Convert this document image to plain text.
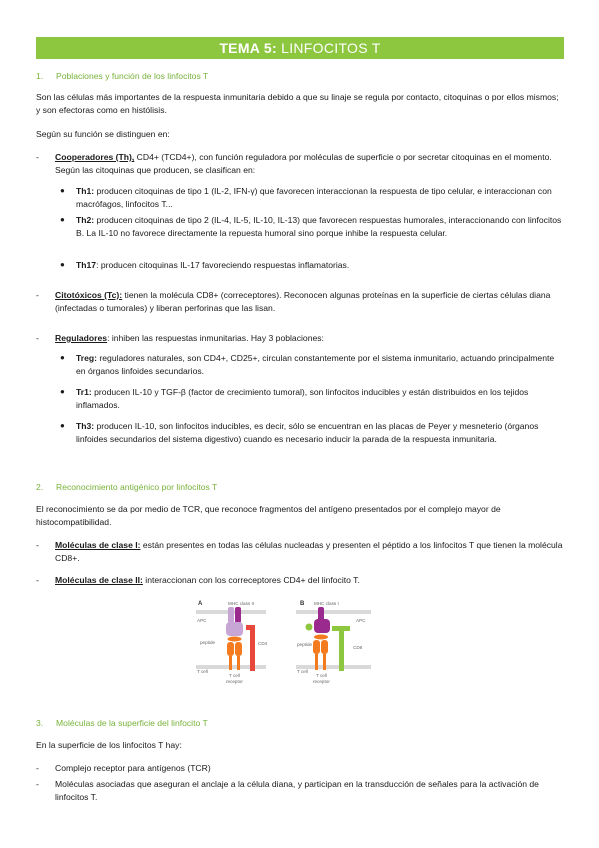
TEMA 5: LINFOCITOS T
1. Poblaciones y función de los linfocitos T
Son las células más importantes de la respuesta inmunitaria debido a que su linaje se regula por contacto, citoquinas o por ellos mismos; y son efectoras como en histólisis.
Según su función se distinguen en:
- Cooperadores (Th), CD4+ (TCD4+), con función reguladora por moléculas de superficie o por secretar citoquinas en el momento. Según las citoquinas que producen, se clasifican en:
● Th1: producen citoquinas de tipo 1 (IL-2, IFN-γ) que favorecen interaccionan la respuesta de tipo celular, e interaccionan con macrófagos, linfocitos T...
● Th2: producen citoquinas de tipo 2 (IL-4, IL-5, IL-10, IL-13) que favorecen respuestas humorales, interaccionando con linfocitos B. La IL-10 no favorece directamente la repuesta humoral sino porque inhibe la respuesta celular.
● Th17: producen citoquinas IL-17 favoreciendo respuestas inflamatorias.
- Citotóxicos (Tc): tienen la molécula CD8+ (correceptores). Reconocen algunas proteínas en la superficie de ciertas células diana (infectadas o tumorales) y liberan perforinas que las lisan.
- Reguladores: inhiben las respuestas inmunitarias. Hay 3 poblaciones:
● Treg: reguladores naturales, son CD4+, CD25+, circulan constantemente por el sistema inmunitario, actuando principalmente en órganos linfoides secundarios.
● Tr1: producen IL-10 y TGF-β (factor de crecimiento tumoral), son linfocitos inducibles y están distribuidos en los tejidos inflamados.
● Th3: producen IL-10, son linfocitos inducibles, es decir, sólo se encuentran en las placas de Peyer y mesneterio (órganos linfoides secundarios del sistema digestivo) cuando es necesario inducir la parada de la respuesta inmunitaria.
2. Reconocimiento antigénico por linfocitos T
El reconocimiento se da por medio de TCR, que reconoce fragmentos del antígeno presentados por el complejo mayor de histocompatibilidad.
- Moléculas de clase I: están presentes en todas las células nucleadas y presenten el péptido a los linfocitos T que tienen la molécula CD8+.
- Moléculas de clase II: interaccionan con los correceptores CD4+ del linfocito T.
A	MHC class II
APC
peptide
T cell
CD4
T cell
receptor
B MHC class I
APC
peptide
T cell
CD8
T cell
receptor
3. Moléculas de la superficie del linfocito T
En la superficie de los linfocitos T hay:
- Complejo receptor para antígenos (TCR)
- Moléculas asociadas que aseguran el anclaje a la célula diana, y participan en la transducción de señales para la activación de linfocitos T.
